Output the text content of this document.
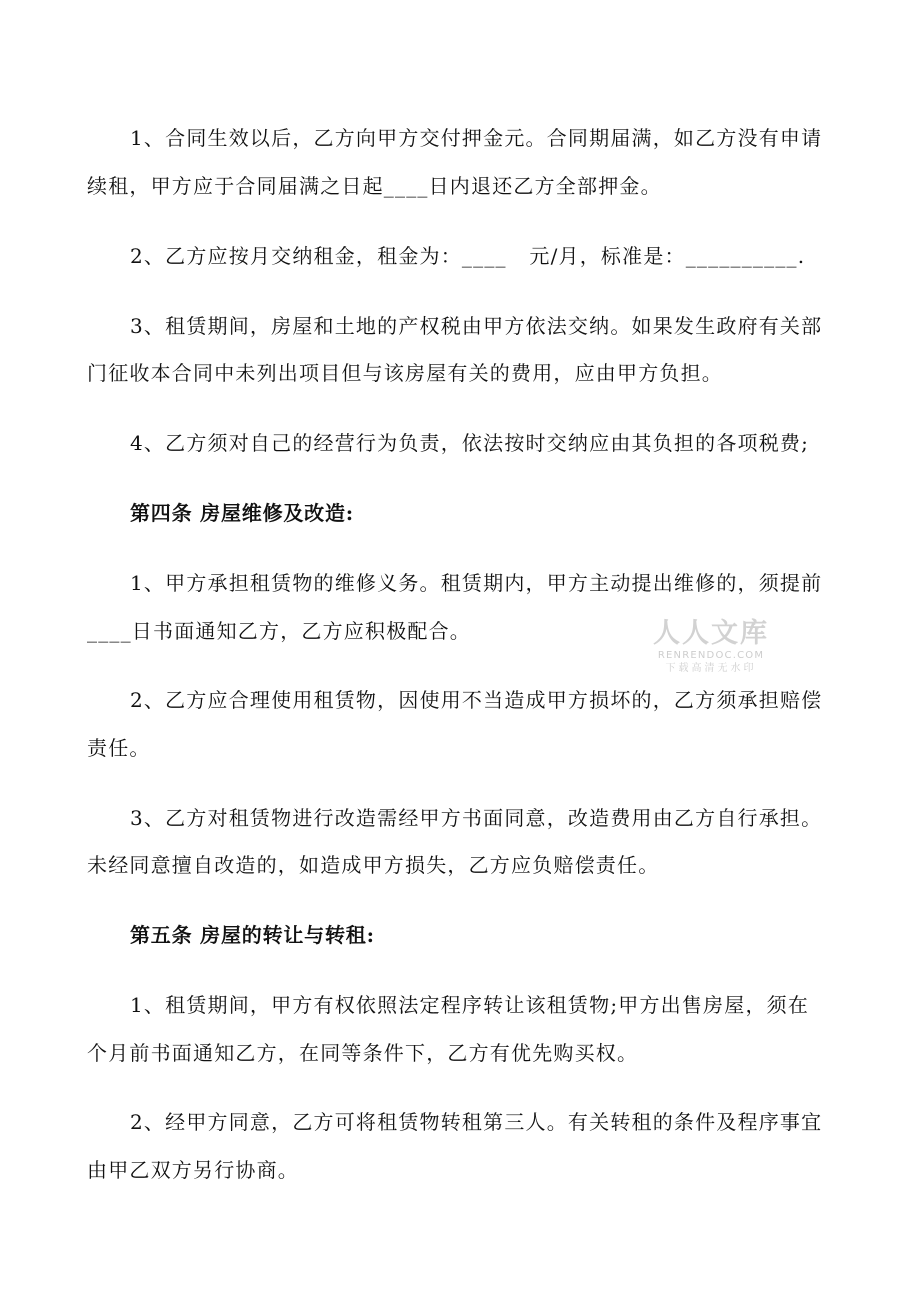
1、合同生效以后，乙方向甲方交付押金元。合同期届满，如乙方没有申请
续租，甲方应于合同届满之日起____日内退还乙方全部押金。
2、乙方应按月交纳租金，租金为：____   元/月，标准是：__________.
3、租赁期间，房屋和土地的产权税由甲方依法交纳。如果发生政府有关部
门征收本合同中未列出项目但与该房屋有关的费用，应由甲方负担。
4、乙方须对自己的经营行为负责，依法按时交纳应由其负担的各项税费;
第四条 房屋维修及改造:
1、甲方承担租赁物的维修义务。租赁期内，甲方主动提出维修的，须提前
____日书面通知乙方，乙方应积极配合。
2、乙方应合理使用租赁物，因使用不当造成甲方损坏的，乙方须承担赔偿
责任。
3、乙方对租赁物进行改造需经甲方书面同意，改造费用由乙方自行承担。
未经同意擅自改造的，如造成甲方损失，乙方应负赔偿责任。
第五条 房屋的转让与转租:
1、租赁期间，甲方有权依照法定程序转让该租赁物;甲方出售房屋，须在
个月前书面通知乙方，在同等条件下，乙方有优先购买权。
2、经甲方同意，乙方可将租赁物转租第三人。有关转租的条件及程序事宜
由甲乙双方另行协商。
人人文库
RENRENDOC.COM
下载高清无水印
